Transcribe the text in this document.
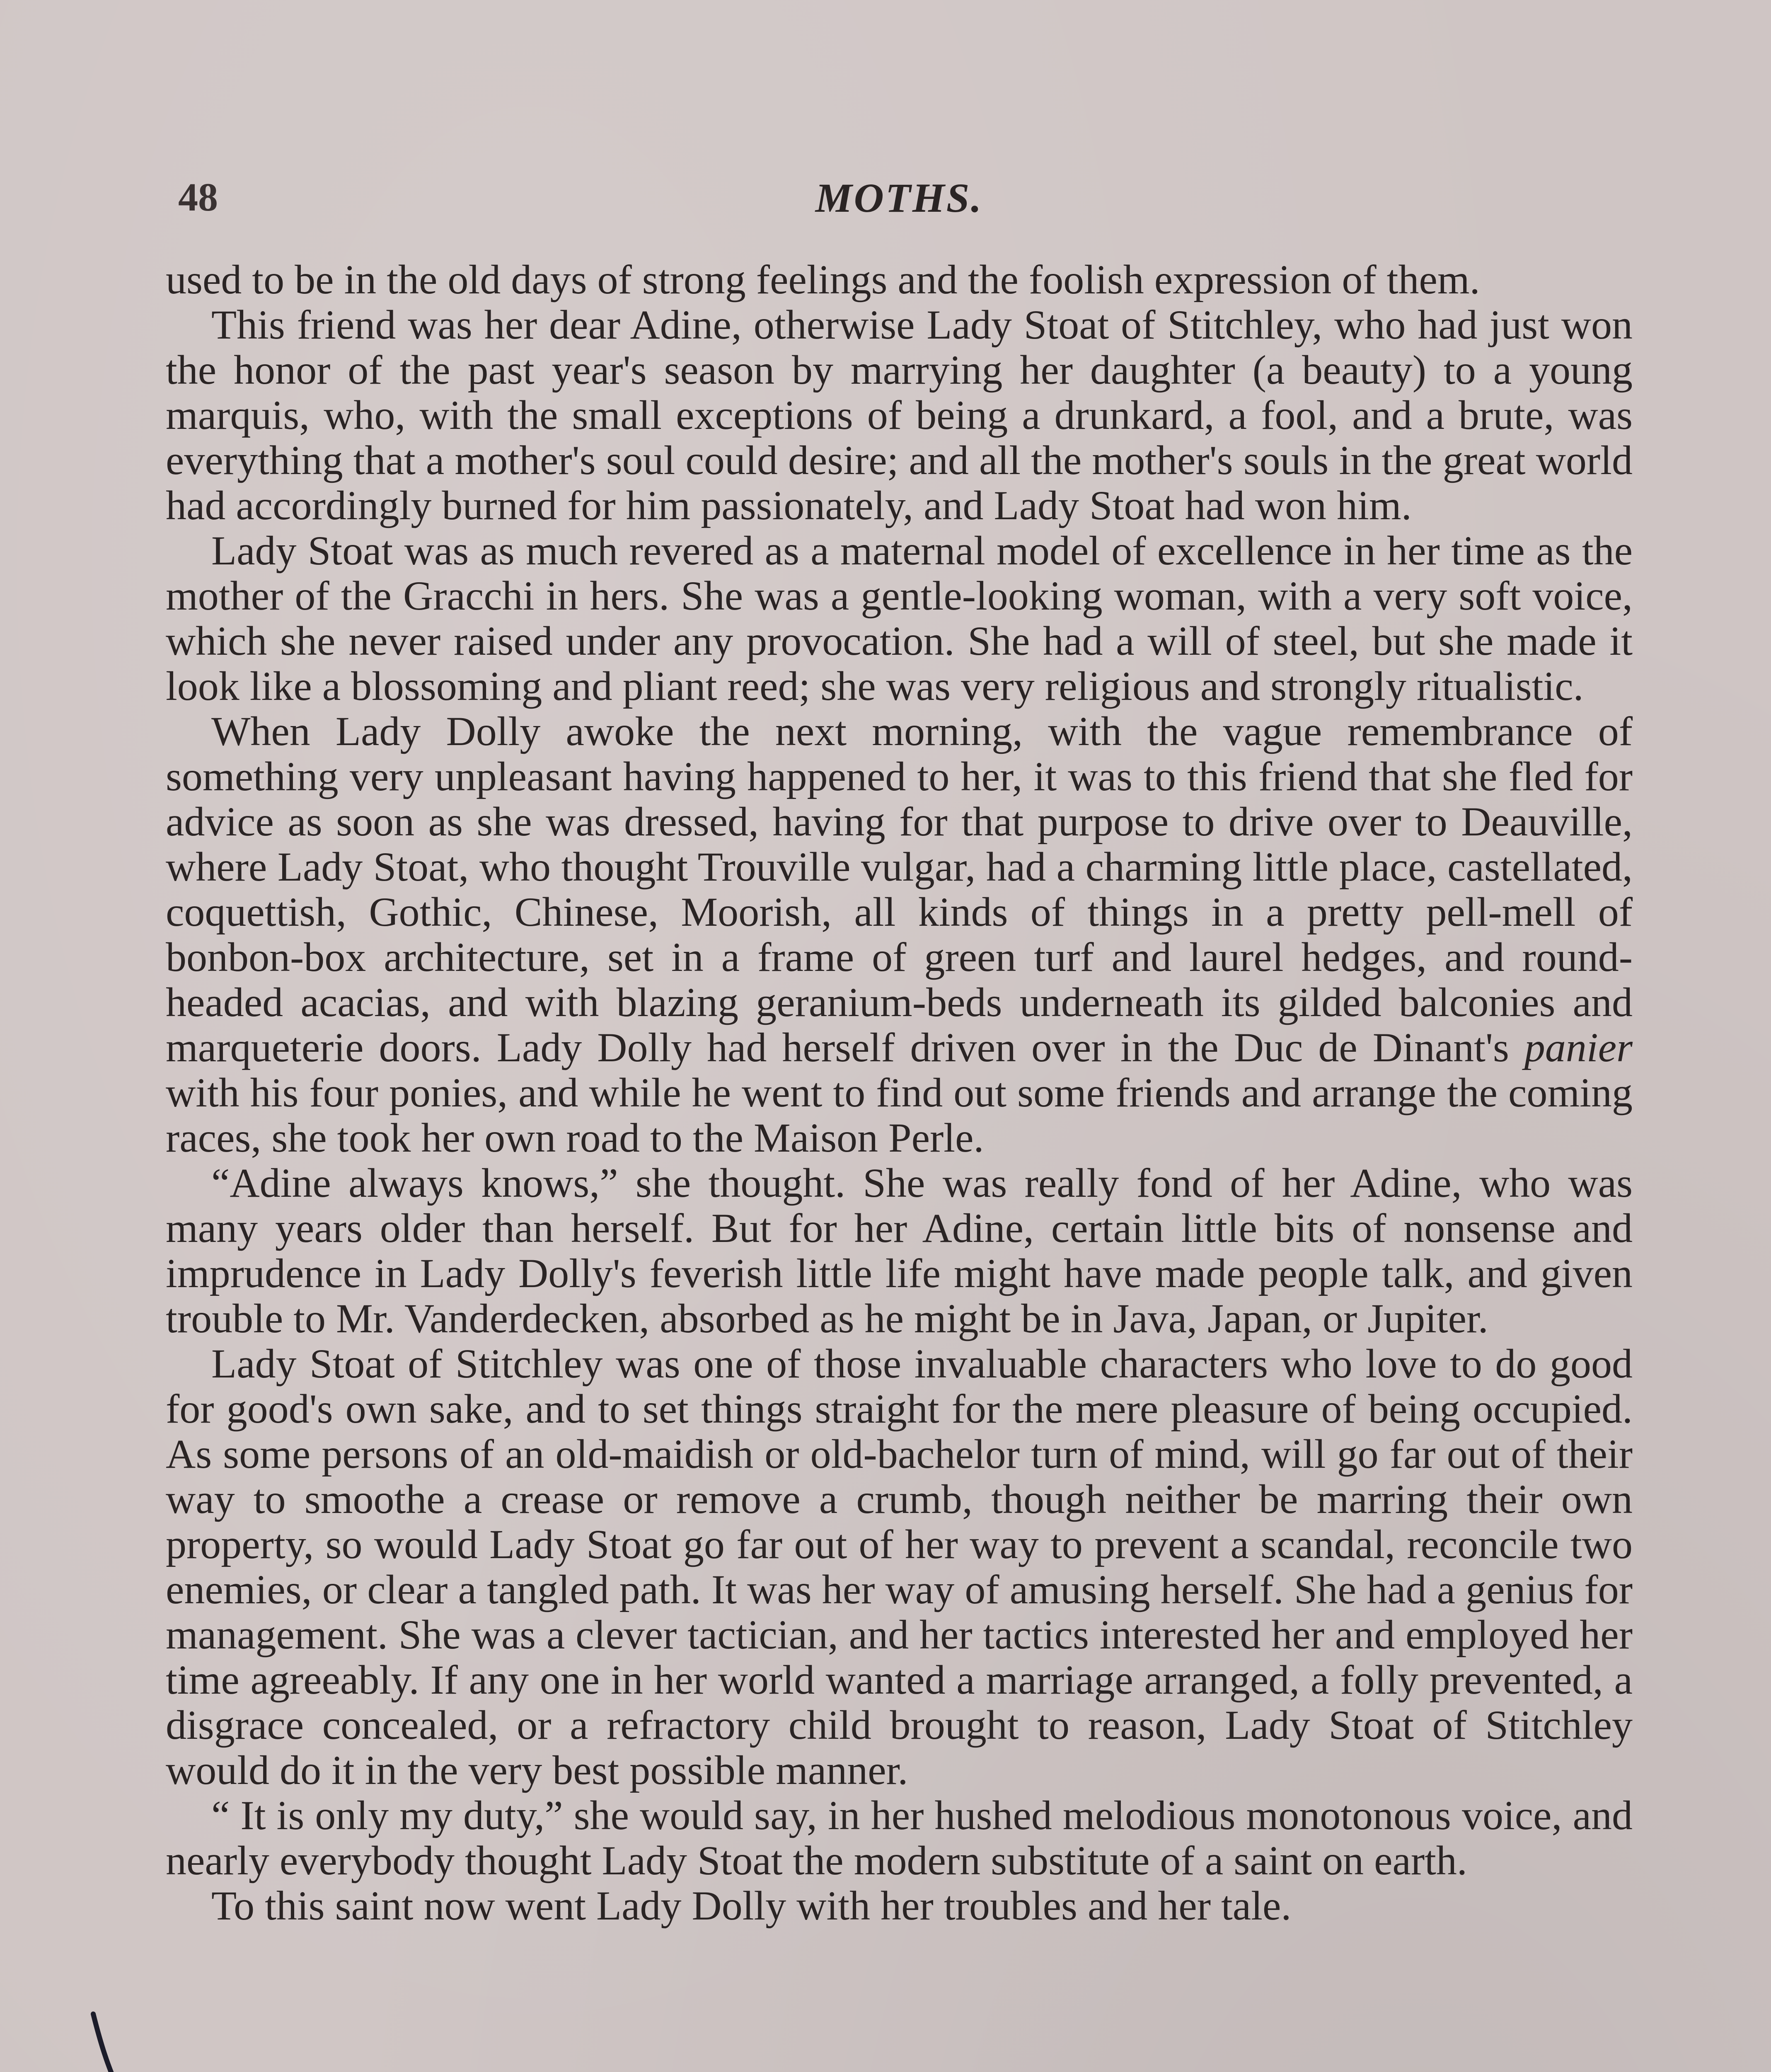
48	MOTHS.

used to be in the old days of strong feelings and the foolish expression of them.

This friend was her dear Adine, otherwise Lady Stoat of Stitchley, who had just won the honor of the past year's season by marrying her daughter (a beauty) to a young marquis, who, with the small exceptions of being a drunkard, a fool, and a brute, was everything that a mother's soul could desire; and all the mother's souls in the great world had accordingly burned for him passionately, and Lady Stoat had won him.

Lady Stoat was as much revered as a maternal model of excellence in her time as the mother of the Gracchi in hers. She was a gentle-looking woman, with a very soft voice, which she never raised under any provocation. She had a will of steel, but she made it look like a blossoming and pliant reed; she was very religious and strongly ritualistic.

When Lady Dolly awoke the next morning, with the vague remembrance of something very unpleasant having happened to her, it was to this friend that she fled for advice as soon as she was dressed, having for that purpose to drive over to Deauville, where Lady Stoat, who thought Trouville vulgar, had a charming little place, castellated, coquettish, Gothic, Chinese, Moorish, all kinds of things in a pretty pell-mell of bonbon-box architecture, set in a frame of green turf and laurel hedges, and round-headed acacias, and with blazing geranium-beds underneath its gilded balconies and marqueterie doors. Lady Dolly had herself driven over in the Duc de Dinant's panier with his four ponies, and while he went to find out some friends and arrange the coming races, she took her own road to the Maison Perle.

“Adine always knows,” she thought. She was really fond of her Adine, who was many years older than herself. But for her Adine, certain little bits of nonsense and imprudence in Lady Dolly's feverish little life might have made people talk, and given trouble to Mr. Vanderdecken, absorbed as he might be in Java, Japan, or Jupiter.

Lady Stoat of Stitchley was one of those invaluable characters who love to do good for good's own sake, and to set things straight for the mere pleasure of being occupied. As some persons of an old-maidish or old-bachelor turn of mind, will go far out of their way to smoothe a crease or remove a crumb, though neither be marring their own property, so would Lady Stoat go far out of her way to prevent a scandal, reconcile two enemies, or clear a tangled path. It was her way of amusing herself. She had a genius for management. She was a clever tactician, and her tactics interested her and employed her time agreeably. If any one in her world wanted a marriage arranged, a folly prevented, a disgrace concealed, or a refractory child brought to reason, Lady Stoat of Stitchley would do it in the very best possible manner.

“ It is only my duty,” she would say, in her hushed melodious monotonous voice, and nearly everybody thought Lady Stoat the modern substitute of a saint on earth.

To this saint now went Lady Dolly with her troubles and her tale.
